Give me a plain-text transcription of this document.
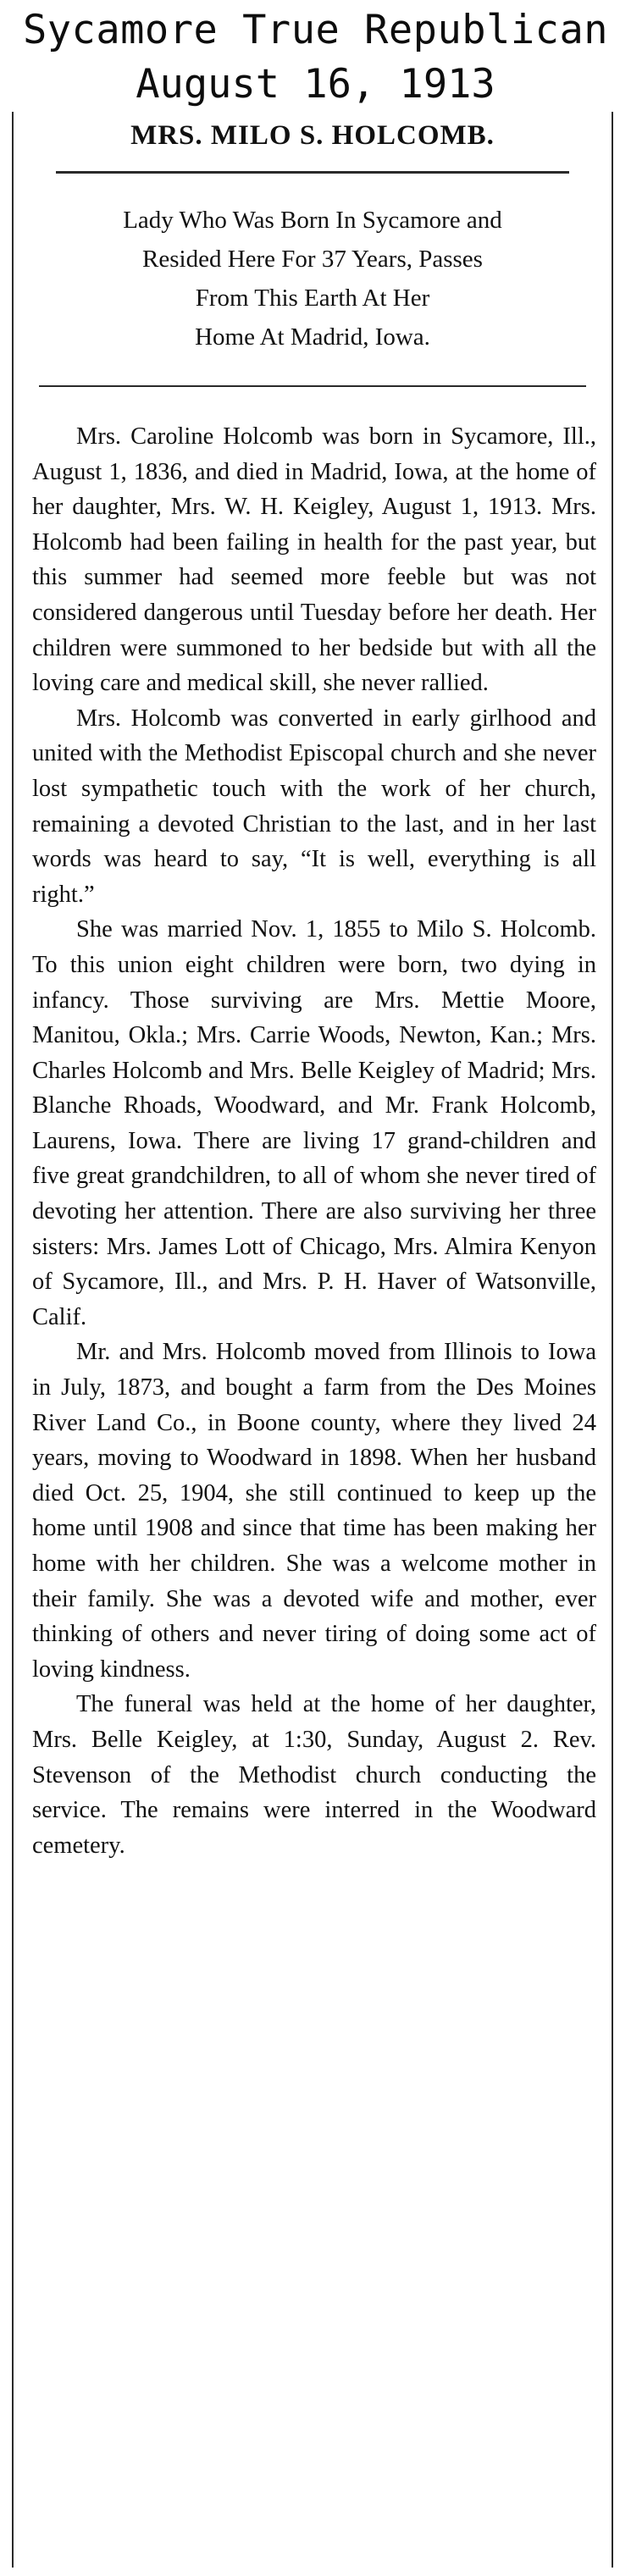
Sycamore True Republican
August 16, 1913
MRS. MILO S. HOLCOMB.
Lady Who Was Born In Sycamore and
Resided Here For 37 Years, Passes
From This Earth At Her
Home At Madrid, Iowa.

Mrs. Caroline Holcomb was born in Sycamore, Ill., August 1, 1836, and died in Madrid, Iowa, at the home of her daughter, Mrs. W. H. Keigley, August 1, 1913. Mrs. Holcomb had been failing in health for the past year, but this summer had seemed more feeble but was not considered dangerous until Tuesday before her death. Her children were summoned to her bedside but with all the loving care and medical skill, she never rallied.

Mrs. Holcomb was converted in early girlhood and united with the Methodist Episcopal church and she never lost sympathetic touch with the work of her church, remaining a devoted Christian to the last, and in her last words was heard to say, “It is well, everything is all right.”

She was married Nov. 1, 1855 to Milo S. Holcomb. To this union eight children were born, two dying in infancy. Those surviving are Mrs. Mettie Moore, Manitou, Okla.; Mrs. Carrie Woods, Newton, Kan.; Mrs. Charles Holcomb and Mrs. Belle Keigley of Madrid; Mrs. Blanche Rhoads, Woodward, and Mr. Frank Holcomb, Laurens, Iowa. There are living 17 grand-children and five great grandchildren, to all of whom she never tired of devoting her attention. There are also surviving her three sisters: Mrs. James Lott of Chicago, Mrs. Almira Kenyon of Sycamore, Ill., and Mrs. P. H. Haver of Watsonville, Calif.

Mr. and Mrs. Holcomb moved from Illinois to Iowa in July, 1873, and bought a farm from the Des Moines River Land Co., in Boone county, where they lived 24 years, moving to Woodward in 1898. When her husband died Oct. 25, 1904, she still continued to keep up the home until 1908 and since that time has been making her home with her children. She was a welcome mother in their family. She was a devoted wife and mother, ever thinking of others and never tiring of doing some act of loving kindness.

The funeral was held at the home of her daughter, Mrs. Belle Keigley, at 1:30, Sunday, August 2. Rev. Stevenson of the Methodist church conducting the service. The remains were interred in the Woodward cemetery.
